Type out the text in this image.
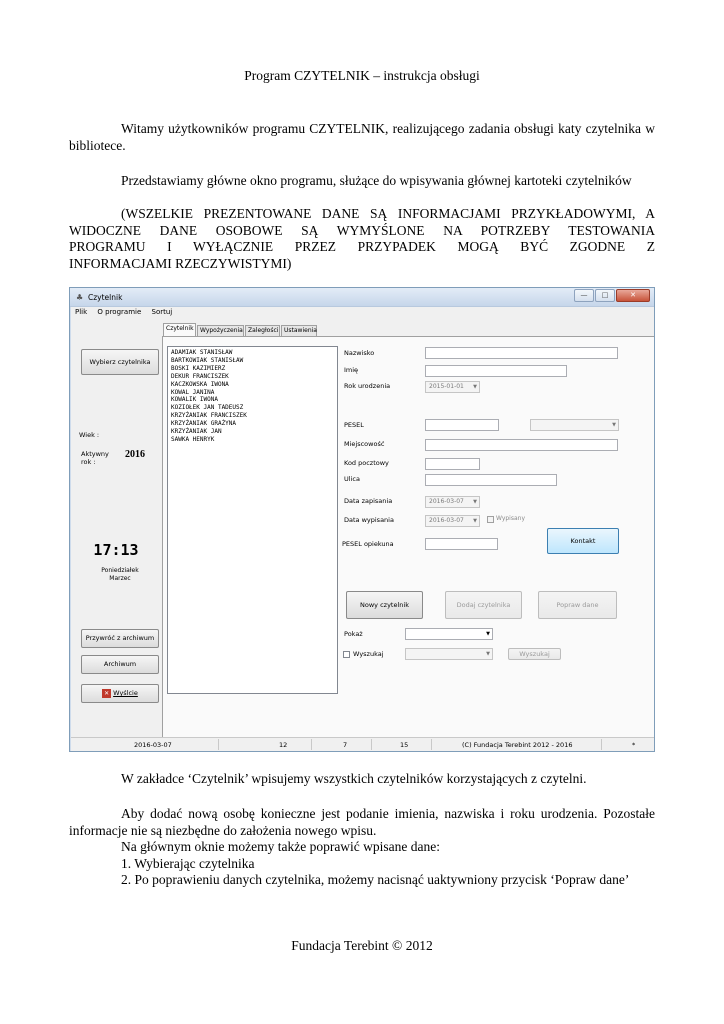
Program CZYTELNIK – instrukcja obsługi
Witamy użytkowników programu CZYTELNIK, realizującego zadania obsługi katy czytelnika w bibliotece.
Przedstawiamy główne okno programu, służące do wpisywania głównej kartoteki czytelników
(WSZELKIE PREZENTOWANE DANE SĄ INFORMACJAMI PRZYKŁADOWYMI, A
WIDOCZNE DANE OSOBOWE SĄ WYMYŚLONE NA POTRZEBY TESTOWANIA
PROGRAMU I WYŁĄCZNIE PRZEZ PRZYPADEK MOGĄ BYĆ ZGODNE Z
INFORMACJAMI RZECZYWISTYMI)
♣ Czytelnik	—	□	✕
Plik O programie Sortuj
Wybierz czytelnika
Wiek :
Aktywny
rok :
2016
17:13
Poniedziałek
Marzec
Przywróć z archiwum
Archiwum
✕ Wyślcie
Czytelnik	Wypożyczenia Zaległości Ustawienia
ADAMIAK STANISŁAW
BARTKOWIAK STANISŁAW
BOSKI KAZIMIERZ
DEKUR FRANCISZEK
KACZKOWSKA IWONA
KOWAL JANINA
KOWALIK IWONA
KOZIOŁEK JAN TADEUSZ
KRZYŻANIAK FRANCISZEK
KRZYŻANIAK GRAŻYNA
KRZYŻANIAK JAN
SAWKA HENRYK
Nazwisko
Imię
Rok urodzenia	2015-01-01 ▼
PESEL	▼
Miejscowość
Kod pocztowy
Ulica
Data zapisania	2016-03-07 ▼
Data wypisania	2016-03-07 ▼	Wypisany
PESEL opiekuna	Kontakt
Nowy czytelnik	Dodaj czytelnika	Popraw dane
Pokaż	▼
Wyszukaj	▼	Wyszukaj
2016-03-07	12	7	15	(C) Fundacja Terebint 2012 - 2016	*
W zakładce ‘Czytelnik’ wpisujemy wszystkich czytelników korzystających z czytelni.
Aby dodać nową osobę konieczne jest podanie imienia, nazwiska i roku urodzenia. Pozostałe informacje nie są niezbędne do założenia nowego wpisu.
Na głównym oknie możemy także poprawić wpisane dane:
1. Wybierając czytelnika
2. Po poprawieniu danych czytelnika, możemy nacisnąć uaktywniony przycisk ‘Popraw dane’
Fundacja Terebint © 2012
